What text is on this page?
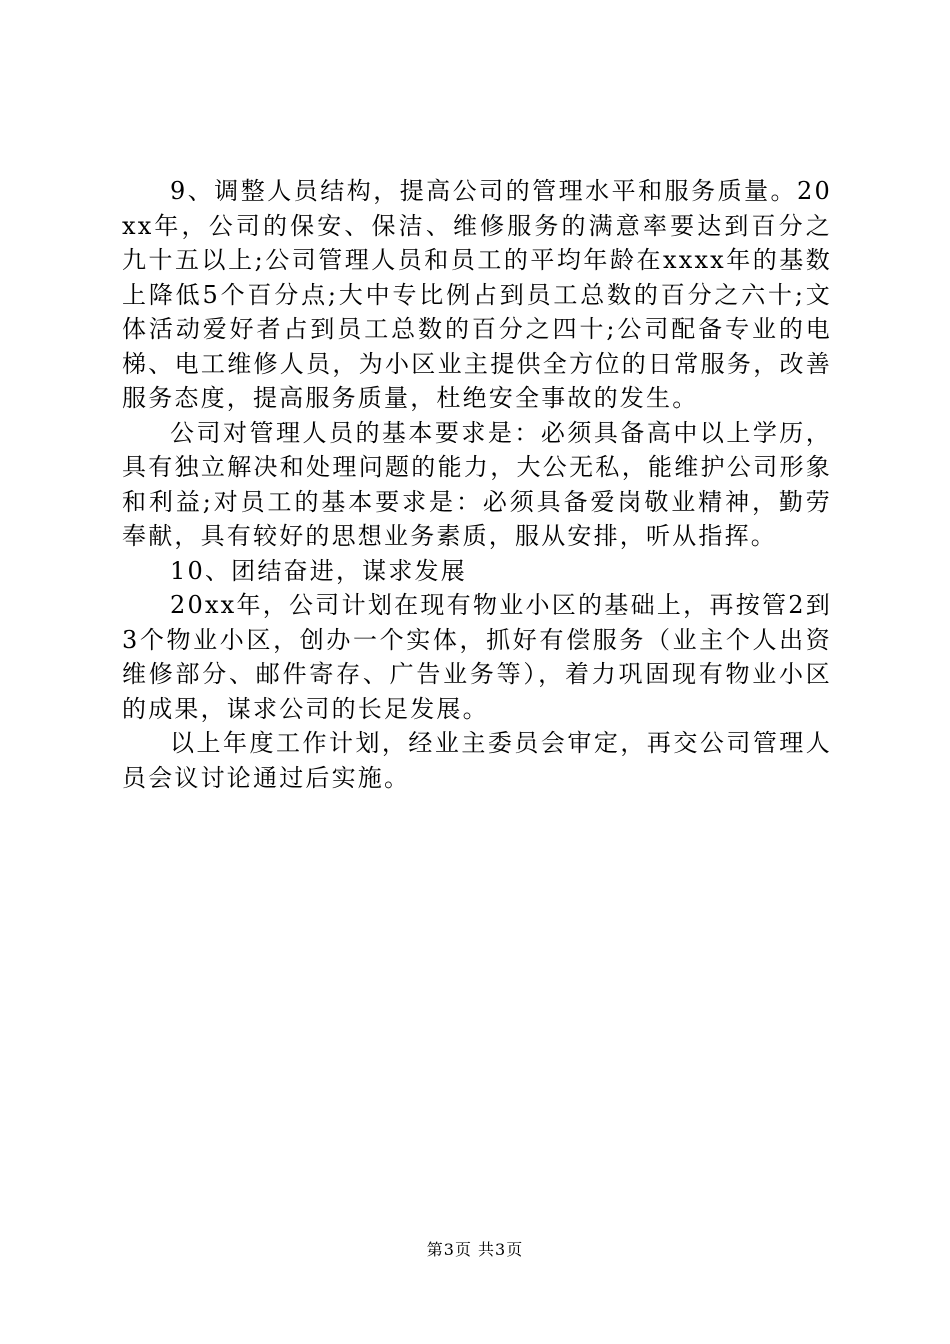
9、调整人员结构，提高公司的管理水平和服务质量。20xx年，公司的保安、保洁、维修服务的满意率要达到百分之九十五以上;公司管理人员和员工的平均年龄在xxxx年的基数上降低5个百分点;大中专比例占到员工总数的百分之六十;文体活动爱好者占到员工总数的百分之四十;公司配备专业的电梯、电工维修人员，为小区业主提供全方位的日常服务，改善服务态度，提高服务质量，杜绝安全事故的发生。

公司对管理人员的基本要求是：必须具备高中以上学历，具有独立解决和处理问题的能力，大公无私，能维护公司形象和利益;对员工的基本要求是：必须具备爱岗敬业精神，勤劳奉献，具有较好的思想业务素质，服从安排，听从指挥。

10、团结奋进，谋求发展

20xx年，公司计划在现有物业小区的基础上，再按管2到3个物业小区，创办一个实体，抓好有偿服务（业主个人出资维修部分、邮件寄存、广告业务等），着力巩固现有物业小区的成果，谋求公司的长足发展。

以上年度工作计划，经业主委员会审定，再交公司管理人员会议讨论通过后实施。

第3页 共3页
